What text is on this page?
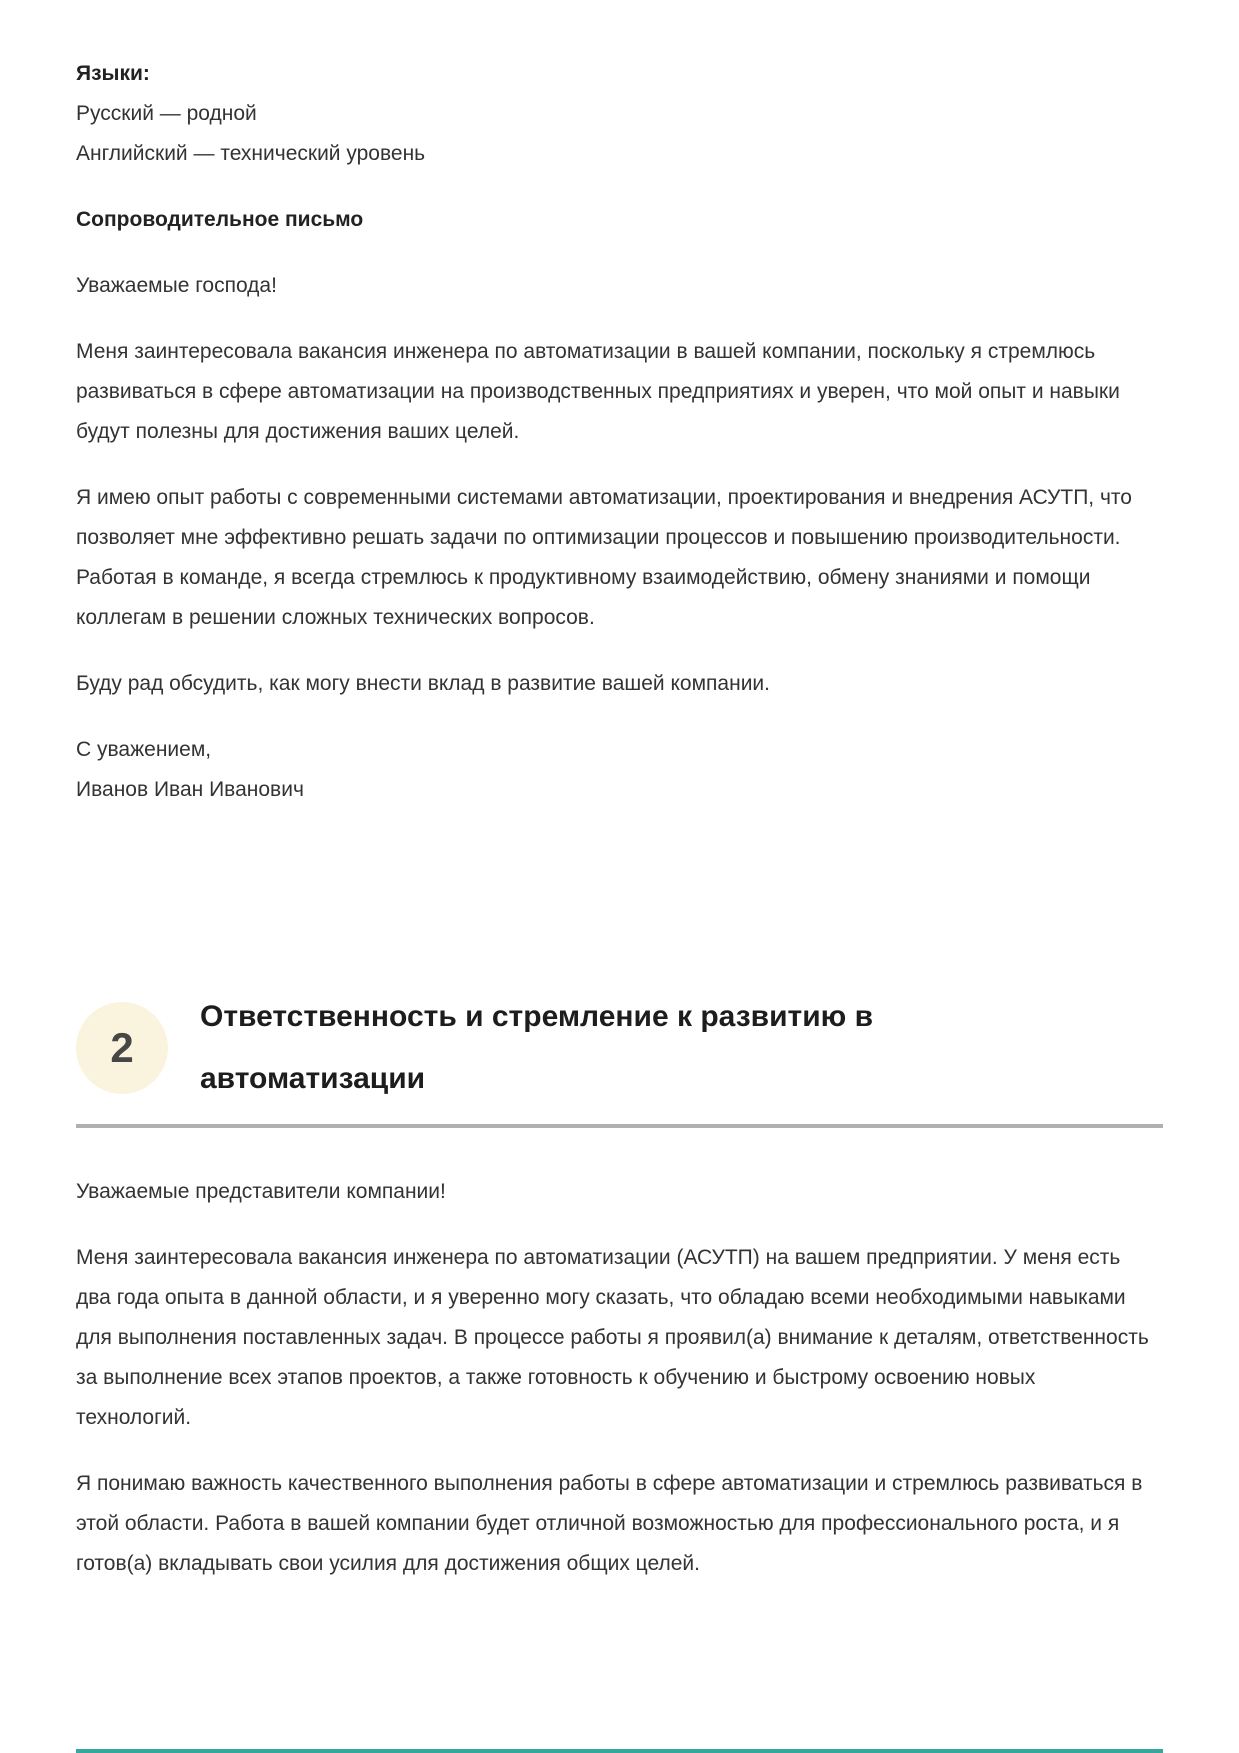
Языки:

Русский — родной
Английский — технический уровень

Сопроводительное письмо

Уважаемые господа!

Меня заинтересовала вакансия инженера по автоматизации в вашей компании, поскольку я стремлюсь развиваться в сфере автоматизации на производственных предприятиях и уверен, что мой опыт и навыки будут полезны для достижения ваших целей.

Я имею опыт работы с современными системами автоматизации, проектирования и внедрения АСУТП, что позволяет мне эффективно решать задачи по оптимизации процессов и повышению производительности. Работая в команде, я всегда стремлюсь к продуктивному взаимодействию, обмену знаниями и помощи коллегам в решении сложных технических вопросов.

Буду рад обсудить, как могу внести вклад в развитие вашей компании.

С уважением,
Иванов Иван Иванович
2
Ответственность и стремление к развитию в автоматизации

Уважаемые представители компании!

Меня заинтересовала вакансия инженера по автоматизации (АСУТП) на вашем предприятии. У меня есть два года опыта в данной области, и я уверенно могу сказать, что обладаю всеми необходимыми навыками для выполнения поставленных задач. В процессе работы я проявил(а) внимание к деталям, ответственность за выполнение всех этапов проектов, а также готовность к обучению и быстрому освоению новых технологий.

Я понимаю важность качественного выполнения работы в сфере автоматизации и стремлюсь развиваться в этой области. Работа в вашей компании будет отличной возможностью для профессионального роста, и я готов(а) вкладывать свои усилия для достижения общих целей.
